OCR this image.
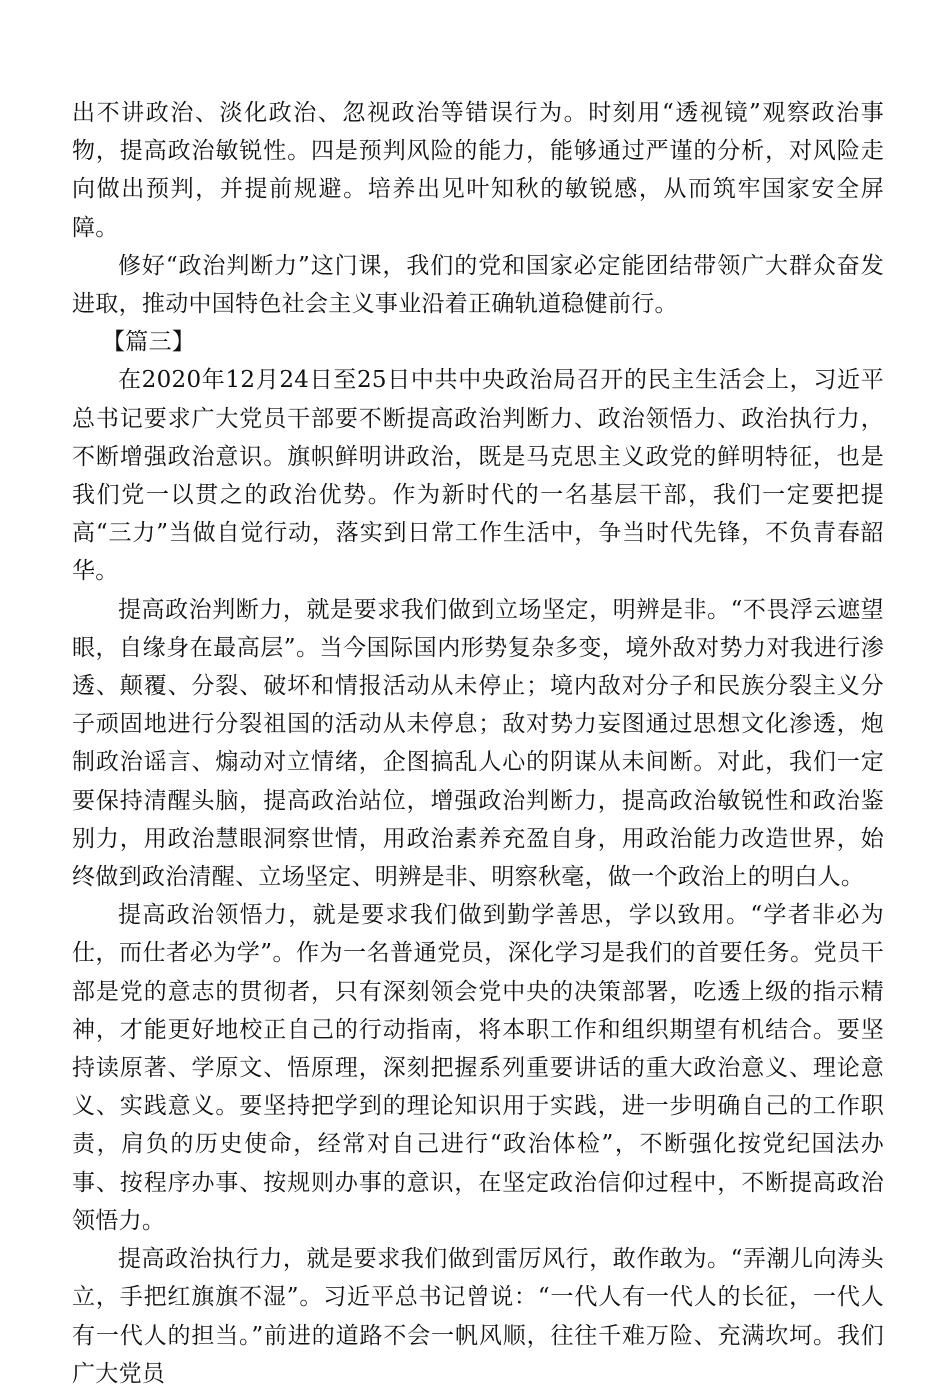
出不讲政治、淡化政治、忽视政治等错误行为。时刻用“透视镜”观察政治事物，提高政治敏锐性。四是预判风险的能力，能够通过严谨的分析，对风险走向做出预判，并提前规避。培养出见叶知秋的敏锐感，从而筑牢国家安全屏障。

修好“政治判断力”这门课，我们的党和国家必定能团结带领广大群众奋发进取，推动中国特色社会主义事业沿着正确轨道稳健前行。

【篇三】

在2020年12月24日至25日中共中央政治局召开的民主生活会上，习近平总书记要求广大党员干部要不断提高政治判断力、政治领悟力、政治执行力，不断增强政治意识。旗帜鲜明讲政治，既是马克思主义政党的鲜明特征，也是我们党一以贯之的政治优势。作为新时代的一名基层干部，我们一定要把提高“三力”当做自觉行动，落实到日常工作生活中，争当时代先锋，不负青春韶华。

提高政治判断力，就是要求我们做到立场坚定，明辨是非。“不畏浮云遮望眼，自缘身在最高层”。当今国际国内形势复杂多变，境外敌对势力对我进行渗透、颠覆、分裂、破坏和情报活动从未停止；境内敌对分子和民族分裂主义分子顽固地进行分裂祖国的活动从未停息；敌对势力妄图通过思想文化渗透，炮制政治谣言、煽动对立情绪，企图搞乱人心的阴谋从未间断。对此，我们一定要保持清醒头脑，提高政治站位，增强政治判断力，提高政治敏锐性和政治鉴别力，用政治慧眼洞察世情，用政治素养充盈自身，用政治能力改造世界，始终做到政治清醒、立场坚定、明辨是非、明察秋毫，做一个政治上的明白人。

提高政治领悟力，就是要求我们做到勤学善思，学以致用。“学者非必为仕，而仕者必为学”。作为一名普通党员，深化学习是我们的首要任务。党员干部是党的意志的贯彻者，只有深刻领会党中央的决策部署，吃透上级的指示精神，才能更好地校正自己的行动指南，将本职工作和组织期望有机结合。要坚持读原著、学原文、悟原理，深刻把握系列重要讲话的重大政治意义、理论意义、实践意义。要坚持把学到的理论知识用于实践，进一步明确自己的工作职责，肩负的历史使命，经常对自己进行“政治体检”，不断强化按党纪国法办事、按程序办事、按规则办事的意识，在坚定政治信仰过程中，不断提高政治领悟力。

提高政治执行力，就是要求我们做到雷厉风行，敢作敢为。“弄潮儿向涛头立，手把红旗旗不湿”。习近平总书记曾说：“一代人有一代人的长征，一代人有一代人的担当。”前进的道路不会一帆风顺，往往千难万险、充满坎坷。我们广大党员
